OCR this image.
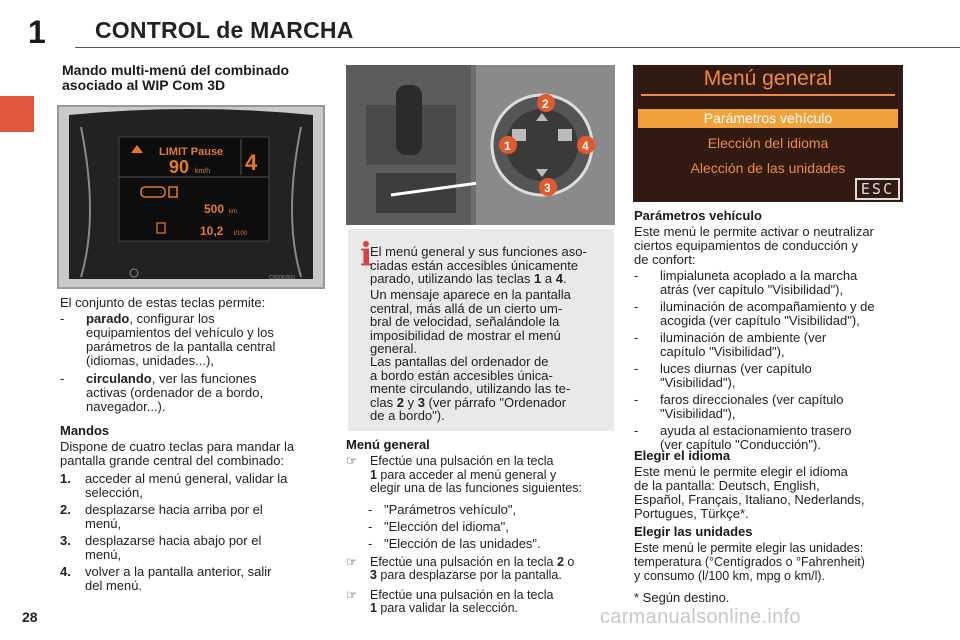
1 CONTROL de MARCHA
Mando multi-menú del combinado
asociado al WIP Com 3D
LIMIT Pause
90 km/h 4
500 km
10,2 l/100
CR60K/000
El conjunto de estas teclas permite:
-	parado, configurar los
equipamientos del vehículo y los
parámetros de la pantalla central
(idiomas, unidades...),
-	circulando, ver las funciones
activas (ordenador de a bordo,
navegador...).
Mandos
Dispone de cuatro teclas para mandar la
pantalla grande central del combinado:
1.	acceder al menú general, validar la
selección,
2.	desplazarse hacia arriba por el
menú,
3.	desplazarse hacia abajo por el
menú,
4.	volver a la pantalla anterior, salir
del menú.
2
1	4
3
i
El menú general y sus funciones aso-
ciadas están accesibles únicamente
parado, utilizando las teclas 1 a 4.
Un mensaje aparece en la pantalla
central, más allá de un cierto um-
bral de velocidad, señalándole la
imposibilidad de mostrar el menú
general.
Las pantallas del ordenador de
a bordo están accesibles única-
mente circulando, utilizando las te-
clas 2 y 3 (ver párrafo "Ordenador
de a bordo").
Menú general
☞	Efectúe una pulsación en la tecla
1 para acceder al menú general y
elegir una de las funciones siguientes:
- "Parámetros vehículo",
- "Elección del idioma",
- "Elección de las unidades".
☞	Efectúe una pulsación en la tecla 2 o
3 para desplazarse por la pantalla.
☞	Efectúe una pulsación en la tecla
1 para validar la selección.
Menú general
Parámetros vehículo
Elección del idioma
Alección de las unidades
ESC
Parámetros vehículo
Este menú le permite activar o neutralizar
ciertos equipamientos de conducción y
de confort:
-	limpialuneta acoplado a la marcha
atrás (ver capítulo "Visibilidad"),
-	iluminación de acompañamiento y de
acogida (ver capítulo "Visibilidad"),
-	iluminación de ambiente (ver
capítulo "Visibilidad"),
-	luces diurnas (ver capítulo
"Visibilidad"),
-	faros direccionales (ver capítulo
"Visibilidad"),
-	ayuda al estacionamiento trasero
(ver capítulo "Conducción").
Elegir el idioma
Este menú le permite elegir el idioma
de la pantalla: Deutsch, English,
Español, Français, Italiano, Nederlands,
Portugues, Türkçe*.
Elegir las unidades
Este menú le permite elegir las unidades:
temperatura (°Centígrados o °Fahrenheit)
y consumo (l/100 km, mpg o km/l).
* Según destino.
28	carmanualsonline.info
